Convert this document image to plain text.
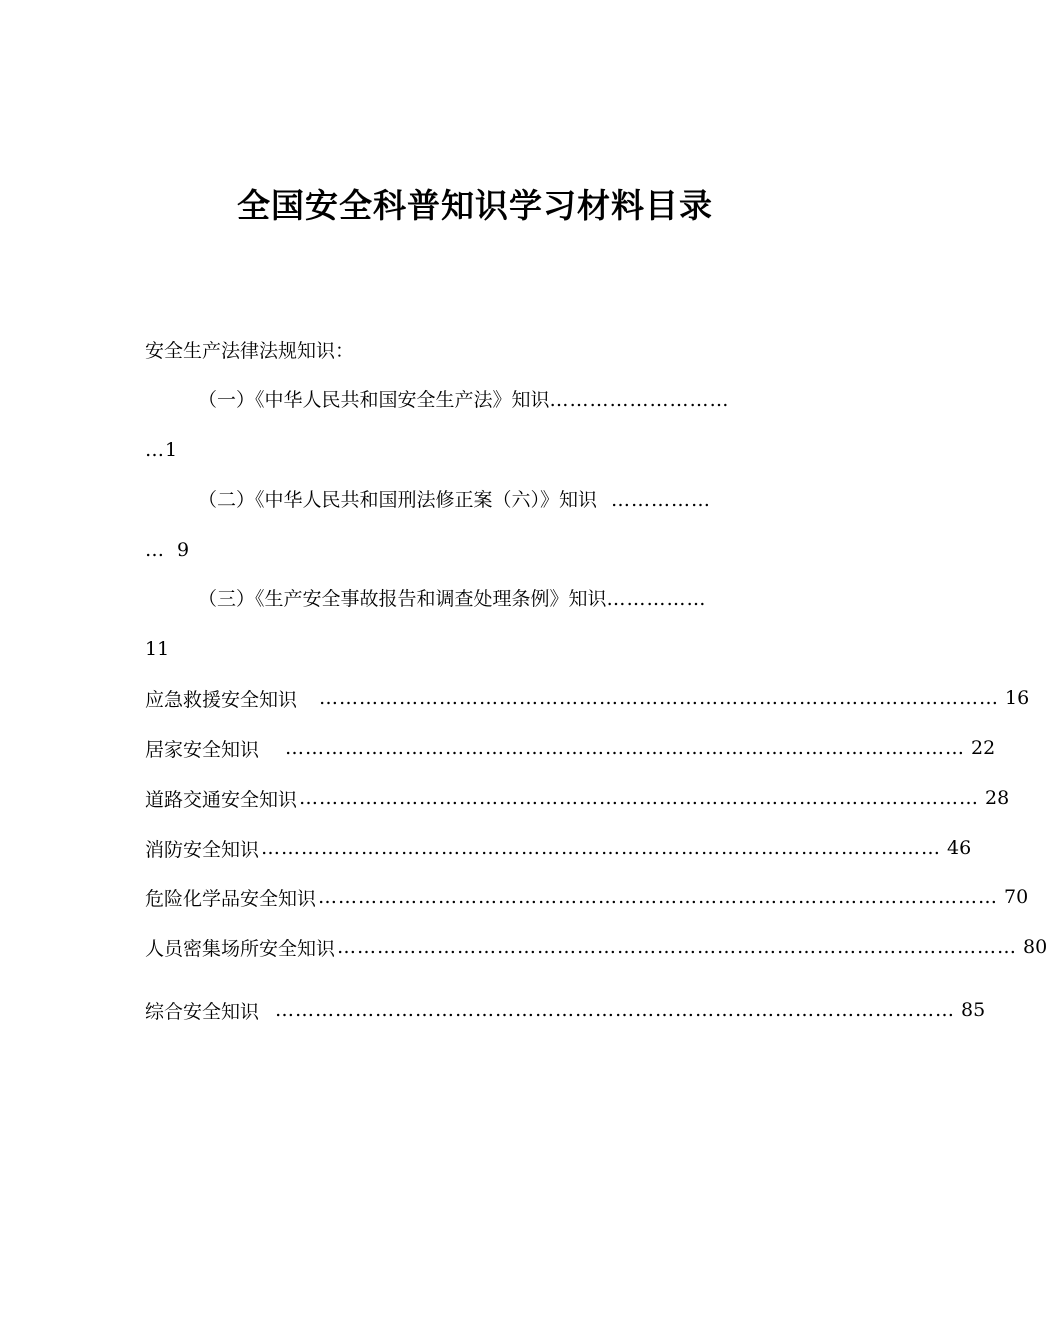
全国安全科普知识学习材料目录
安全生产法律法规知识：
（一）《中华人民共和国安全生产法》知识………………………
…1
（二）《中华人民共和国刑法修正案（六）》知识 ……………
… 9
（三）《生产安全事故报告和调查处理条例》知识……………
11
应急救援安全知识 ………………………………………………………………………………………… 16
居家安全知识 ………………………………………………………………………………………… 22
道路交通安全知识 ………………………………………………………………………………………… 28
消防安全知识 ………………………………………………………………………………………… 46
危险化学品安全知识 ………………………………………………………………………………………… 70
人员密集场所安全知识 ………………………………………………………………………………………… 80
综合安全知识 ………………………………………………………………………………………… 85
